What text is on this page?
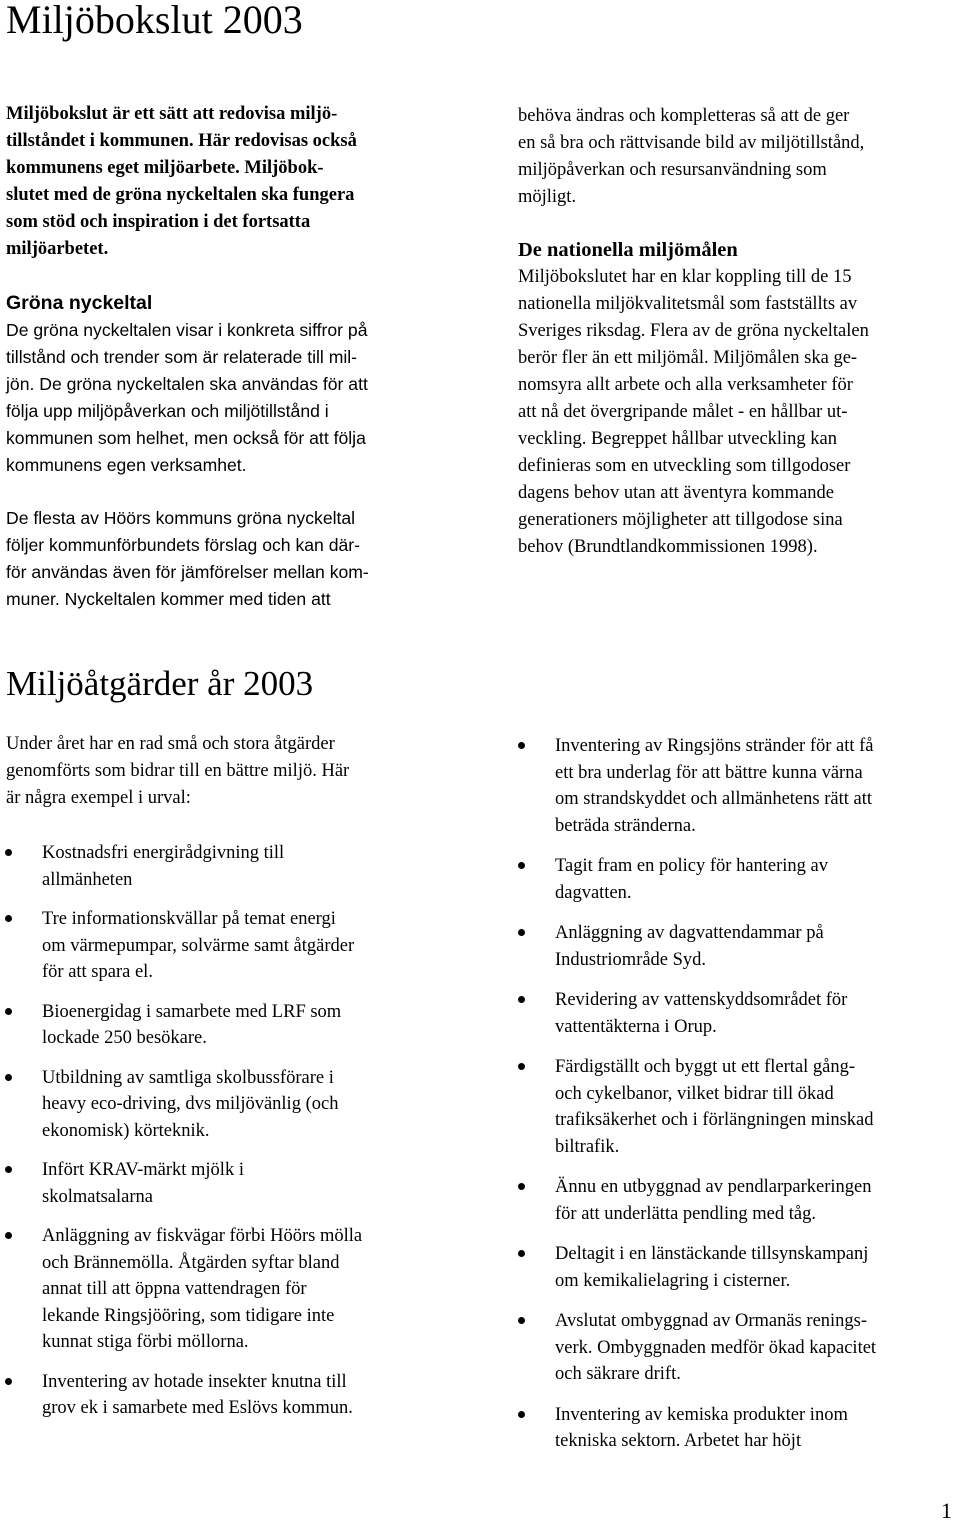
Miljöbokslut 2003
Miljöbokslut är ett sätt att redovisa miljö-
tillståndet i kommunen. Här redovisas också
kommunens eget miljöarbete. Miljöbok-
slutet med de gröna nyckeltalen ska fungera
som stöd och inspiration i det fortsatta
miljöarbetet.
Gröna nyckeltal
De gröna nyckeltalen visar i konkreta siffror på
tillstånd och trender som är relaterade till mil-
jön. De gröna nyckeltalen ska användas för att
följa upp miljöpåverkan och miljötillstånd i
kommunen som helhet, men också för att följa
kommunens egen verksamhet.
De flesta av Höörs kommuns gröna nyckeltal
följer kommunförbundets förslag och kan där-
för användas även för jämförelser mellan kom-
muner. Nyckeltalen kommer med tiden att
behöva ändras och kompletteras så att de ger
en så bra och rättvisande bild av miljötillstånd,
miljöpåverkan och resursanvändning som
möjligt.
De nationella miljömålen
Miljöbokslutet har en klar koppling till de 15
nationella miljökvalitetsmål som fastställts av
Sveriges riksdag. Flera av de gröna nyckeltalen
berör fler än ett miljömål. Miljömålen ska ge-
nomsyra allt arbete och alla verksamheter för
att nå det övergripande målet - en hållbar ut-
veckling. Begreppet hållbar utveckling kan
definieras som en utveckling som tillgodoser
dagens behov utan att äventyra kommande
generationers möjligheter att tillgodose sina
behov (Brundtlandkommissionen 1998).
Miljöåtgärder år 2003
Under året har en rad små och stora åtgärder
genomförts som bidrar till en bättre miljö. Här
är några exempel i urval:
Kostnadsfri energirådgivning till
allmänheten
Tre informationskvällar på temat energi
om värmepumpar, solvärme samt åtgärder
för att spara el.
Bioenergidag i samarbete med LRF som
lockade 250 besökare.
Utbildning av samtliga skolbussförare i
heavy eco-driving, dvs miljövänlig (och
ekonomisk) körteknik.
Infört KRAV-märkt mjölk i
skolmatsalarna
Anläggning av fiskvägar förbi Höörs mölla
och Brännemölla. Åtgärden syftar bland
annat till att öppna vattendragen för
lekande Ringsjööring, som tidigare inte
kunnat stiga förbi möllorna.
Inventering av hotade insekter knutna till
grov ek i samarbete med Eslövs kommun.
Inventering av Ringsjöns stränder för att få
ett bra underlag för att bättre kunna värna
om strandskyddet och allmänhetens rätt att
beträda stränderna.
Tagit fram en policy för hantering av
dagvatten.
Anläggning av dagvattendammar på
Industriområde Syd.
Revidering av vattenskyddsområdet för
vattentäkterna i Orup.
Färdigställt och byggt ut ett flertal gång-
och cykelbanor, vilket bidrar till ökad
trafiksäkerhet och i förlängningen minskad
biltrafik.
Ännu en utbyggnad av pendlarparkeringen
för att underlätta pendling med tåg.
Deltagit i en länstäckande tillsynskampanj
om kemikalielagring i cisterner.
Avslutat ombyggnad av Ormanäs renings-
verk. Ombyggnaden medför ökad kapacitet
och säkrare drift.
Inventering av kemiska produkter inom
tekniska sektorn. Arbetet har höjt
1
